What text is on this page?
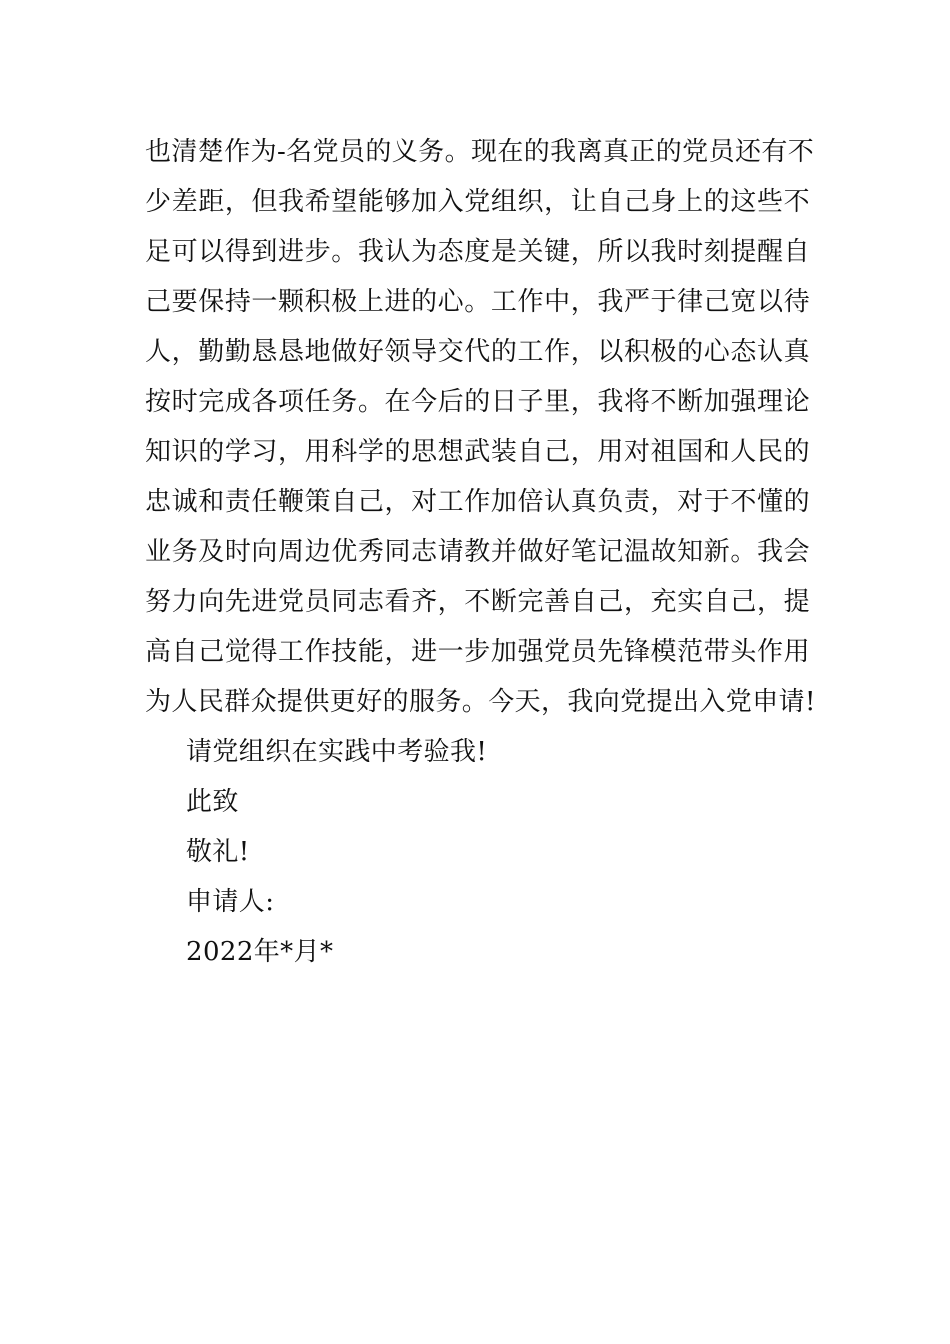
也清楚作为-名党员的义务。现在的我离真正的党员还有不
少差距，但我希望能够加入党组织，让自己身上的这些不
足可以得到进步。我认为态度是关键，所以我时刻提醒自
己要保持一颗积极上进的心。工作中，我严于律己宽以待
人，勤勤恳恳地做好领导交代的工作，以积极的心态认真
按时完成各项任务。在今后的日子里，我将不断加强理论
知识的学习，用科学的思想武装自己，用对祖国和人民的
忠诚和责任鞭策自己，对工作加倍认真负责，对于不懂的
业务及时向周边优秀同志请教并做好笔记温故知新。我会
努力向先进党员同志看齐，不断完善自己，充实自己，提
高自己觉得工作技能，进一步加强党员先锋模范带头作用
为人民群众提供更好的服务。今天，我向党提出入党申请!
请党组织在实践中考验我!
此致
敬礼!
申请人:
2022年*月*
